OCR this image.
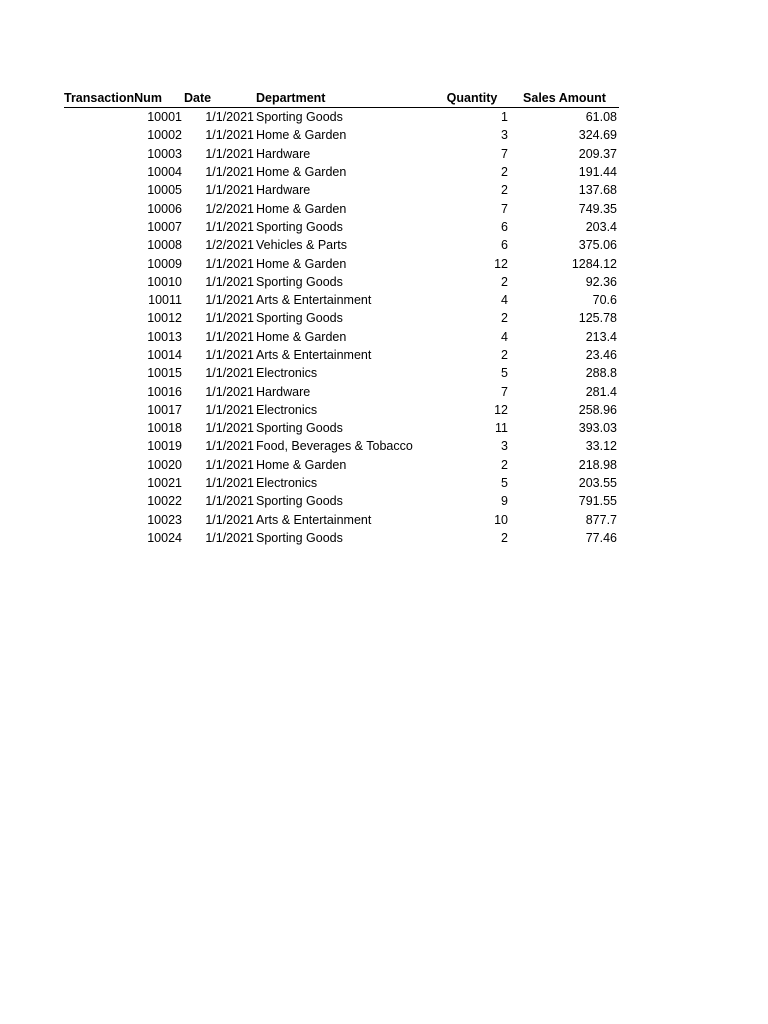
TransactionNum	Date	Department	Quantity	Sales Amount
10001	1/1/2021 Sporting Goods	1	61.08
10002	1/1/2021 Home & Garden	3	324.69
10003	1/1/2021 Hardware	7	209.37
10004	1/1/2021 Home & Garden	2	191.44
10005	1/1/2021 Hardware	2	137.68
10006	1/2/2021 Home & Garden	7	749.35
10007	1/1/2021 Sporting Goods	6	203.4
10008	1/2/2021 Vehicles & Parts	6	375.06
10009	1/1/2021 Home & Garden	12	1284.12
10010	1/1/2021 Sporting Goods	2	92.36
10011	1/1/2021 Arts & Entertainment	4	70.6
10012	1/1/2021 Sporting Goods	2	125.78
10013	1/1/2021 Home & Garden	4	213.4
10014	1/1/2021 Arts & Entertainment	2	23.46
10015	1/1/2021 Electronics	5	288.8
10016	1/1/2021 Hardware	7	281.4
10017	1/1/2021 Electronics	12	258.96
10018	1/1/2021 Sporting Goods	11	393.03
10019	1/1/2021 Food, Beverages & Tobacco	3	33.12
10020	1/1/2021 Home & Garden	2	218.98
10021	1/1/2021 Electronics	5	203.55
10022	1/1/2021 Sporting Goods	9	791.55
10023	1/1/2021 Arts & Entertainment	10	877.7
10024	1/1/2021 Sporting Goods	2	77.46
